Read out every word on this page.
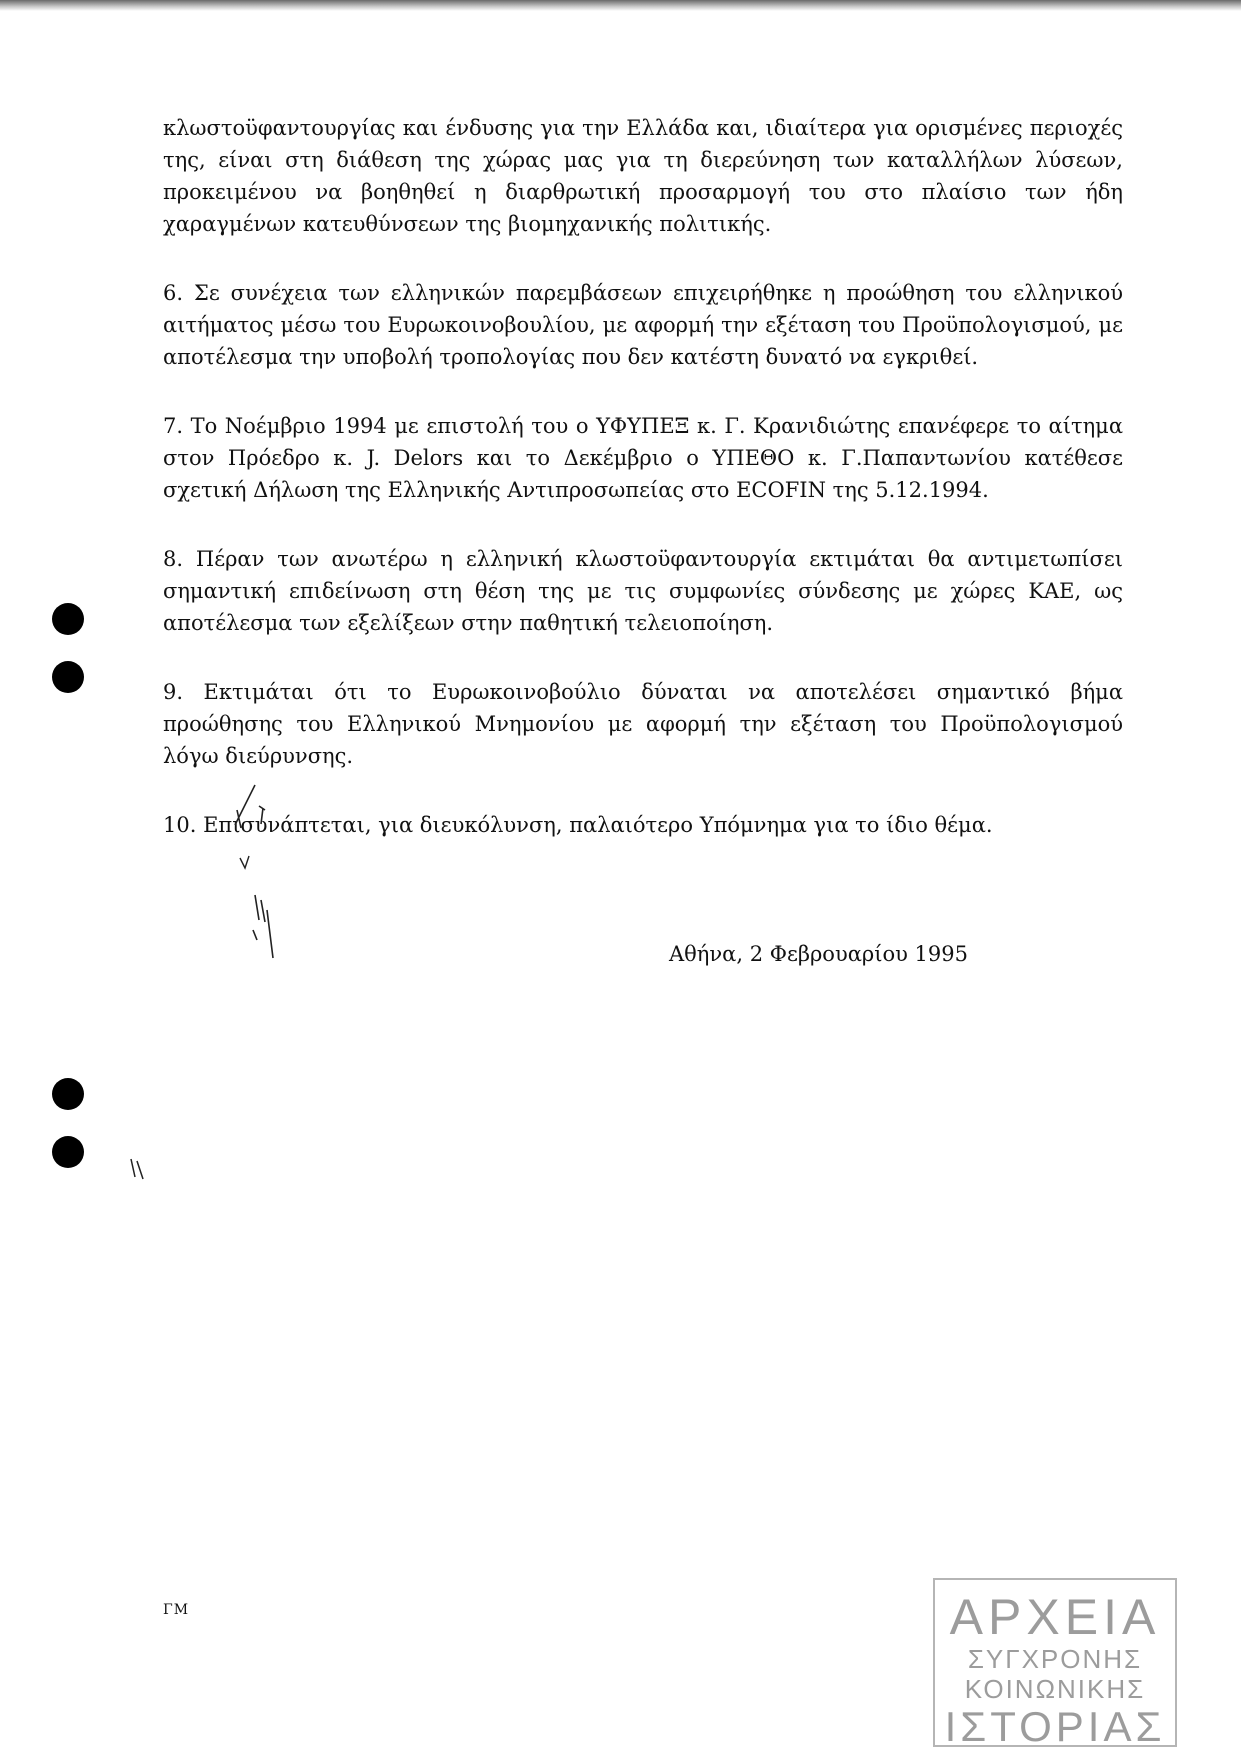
κλωστοϋφαντουργίας και ένδυσης για την Ελλάδα και, ιδιαίτερα για ορισμένες περιοχές της, είναι στη διάθεση της χώρας μας για τη διερεύνηση των καταλλήλων λύσεων, προκειμένου να βοηθηθεί η διαρθρωτική προσαρμογή του στο πλαίσιο των ήδη χαραγμένων κατευθύνσεων της βιομηχανικής πολιτικής.

6. Σε συνέχεια των ελληνικών παρεμβάσεων επιχειρήθηκε η προώθηση του ελληνικού αιτήματος μέσω του Ευρωκοινοβουλίου, με αφορμή την εξέταση του Προϋπολογισμού, με αποτέλεσμα την υποβολή τροπολογίας που δεν κατέστη δυνατό να εγκριθεί.

7. Το Νοέμβριο 1994 με επιστολή του ο ΥΦΥΠΕΞ κ. Γ. Κρανιδιώτης επανέφερε το αίτημα στον Πρόεδρο κ. J. Delors και το Δεκέμβριο ο ΥΠΕΘΟ κ. Γ.Παπαντωνίου κατέθεσε σχετική Δήλωση της Ελληνικής Αντιπροσωπείας στο ECOFIN της 5.12.1994.

8. Πέραν των ανωτέρω η ελληνική κλωστοϋφαντουργία εκτιμάται θα αντιμετωπίσει σημαντική επιδείνωση στη θέση της με τις συμφωνίες σύνδεσης με χώρες ΚΑΕ, ως αποτέλεσμα των εξελίξεων στην παθητική τελειοποίηση.

9. Εκτιμάται ότι το Ευρωκοινοβούλιο δύναται να αποτελέσει σημαντικό βήμα προώθησης του Ελληνικού Μνημονίου με αφορμή την εξέταση του Προϋπολογισμού λόγω διεύρυνσης.

10. Επισυνάπτεται, για διευκόλυνση, παλαιότερο Υπόμνημα για το ίδιο θέμα.

Αθήνα, 2 Φεβρουαρίου 1995
ΓΜ	ΑΡΧΕΙΑ
ΣΥΓΧΡΟΝΗΣ
ΚΟΙΝΩΝΙΚΗΣ
ΙΣΤΟΡΙΑΣ
